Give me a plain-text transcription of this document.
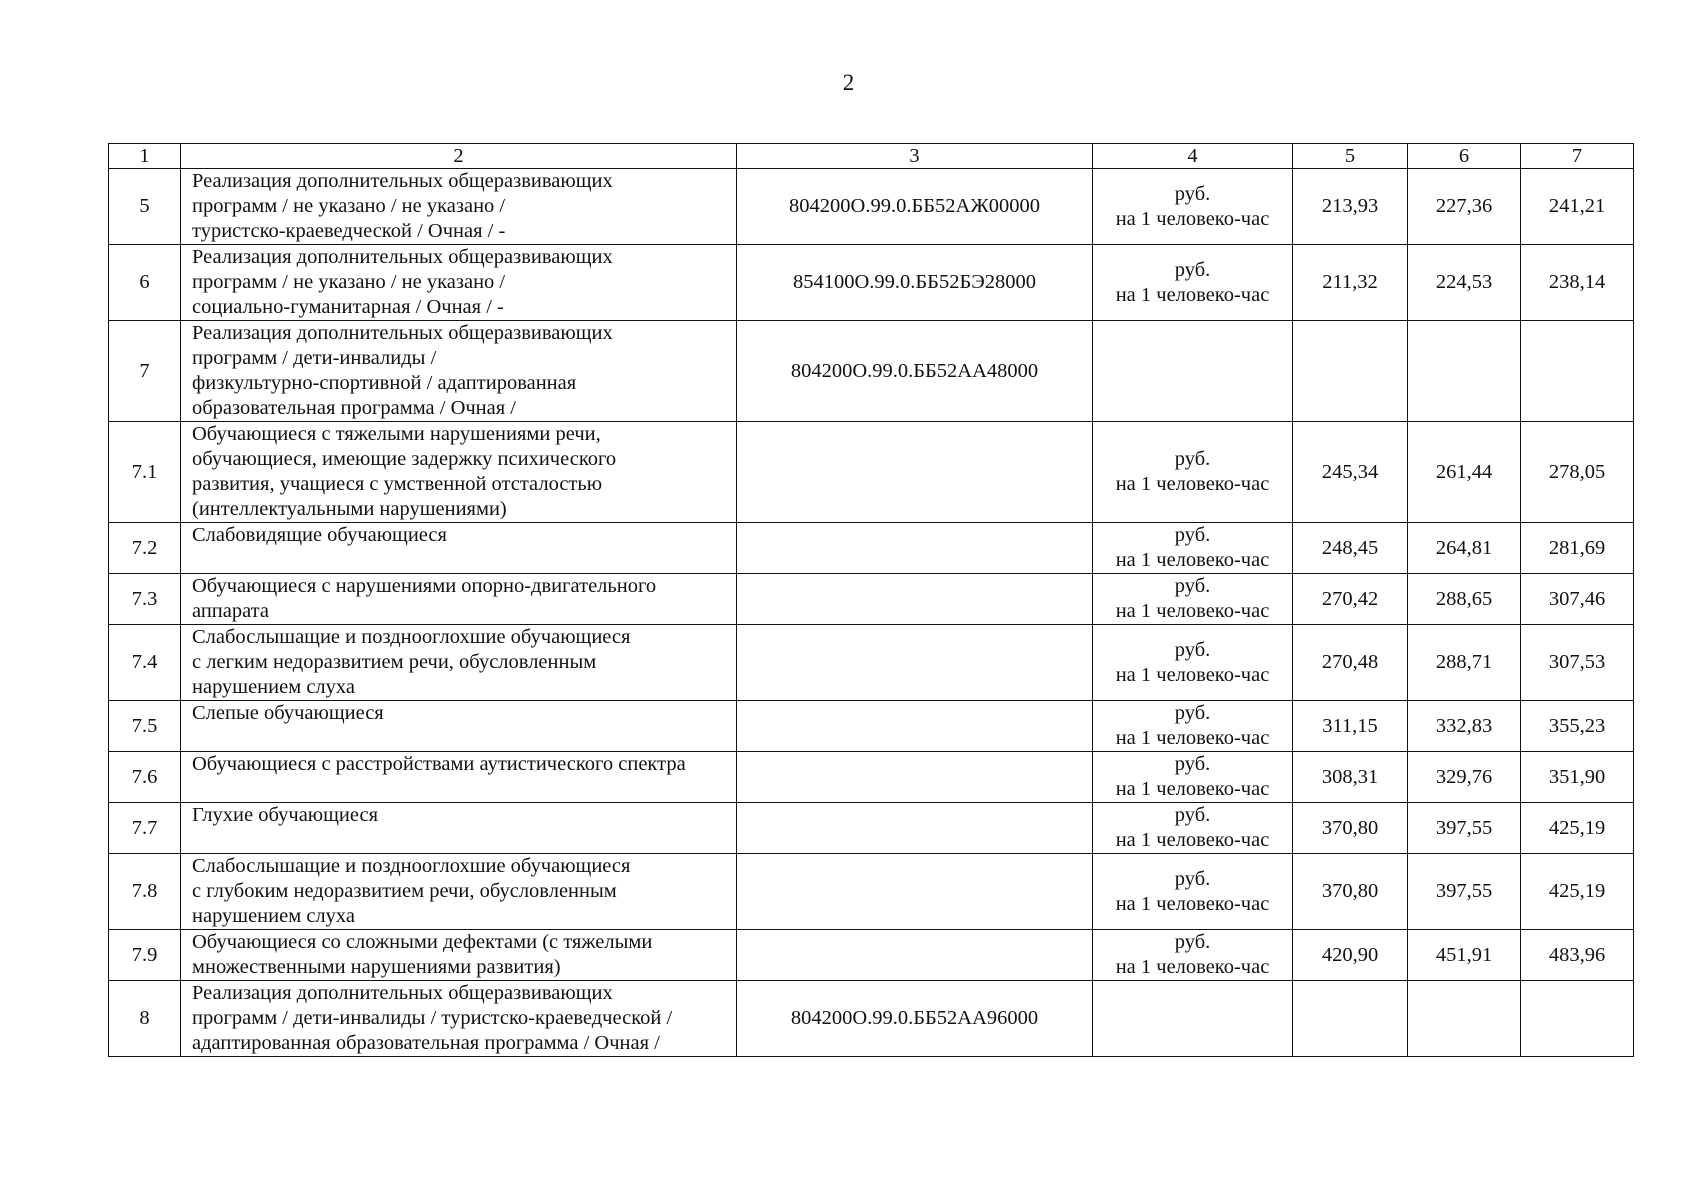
2
1	2	3	4	5	6	7
5	Реализация дополнительных общеразвивающих
программ / не указано / не указано /
туристско-краеведческой / Очная / -	804200О.99.0.ББ52АЖ00000	руб.
на 1 человеко-час	213,93	227,36	241,21
6	Реализация дополнительных общеразвивающих
программ / не указано / не указано /
социально-гуманитарная / Очная / -	854100О.99.0.ББ52БЭ28000	руб.
на 1 человеко-час	211,32	224,53	238,14
7	Реализация дополнительных общеразвивающих
программ / дети-инвалиды /
физкультурно-спортивной / адаптированная
образовательная программа / Очная /	804200О.99.0.ББ52АА48000				
7.1	Обучающиеся с тяжелыми нарушениями речи,
обучающиеся, имеющие задержку психического
развития, учащиеся с умственной отсталостью
(интеллектуальными нарушениями)		руб.
на 1 человеко-час	245,34	261,44	278,05
7.2	Слабовидящие обучающиеся		руб.
на 1 человеко-час	248,45	264,81	281,69
7.3	Обучающиеся с нарушениями опорно-двигательного
аппарата		руб.
на 1 человеко-час	270,42	288,65	307,46
7.4	Слабослышащие и позднооглохшие обучающиеся
с легким недоразвитием речи, обусловленным
нарушением слуха		руб.
на 1 человеко-час	270,48	288,71	307,53
7.5	Слепые обучающиеся		руб.
на 1 человеко-час	311,15	332,83	355,23
7.6	Обучающиеся с расстройствами аутистического спектра		руб.
на 1 человеко-час	308,31	329,76	351,90
7.7	Глухие обучающиеся		руб.
на 1 человеко-час	370,80	397,55	425,19
7.8	Слабослышащие и позднооглохшие обучающиеся
с глубоким недоразвитием речи, обусловленным
нарушением слуха		руб.
на 1 человеко-час	370,80	397,55	425,19
7.9	Обучающиеся со сложными дефектами (с тяжелыми
множественными нарушениями развития)		руб.
на 1 человеко-час	420,90	451,91	483,96
8	Реализация дополнительных общеразвивающих
программ / дети-инвалиды / туристско-краеведческой /
адаптированная образовательная программа / Очная /	804200О.99.0.ББ52АА96000				
